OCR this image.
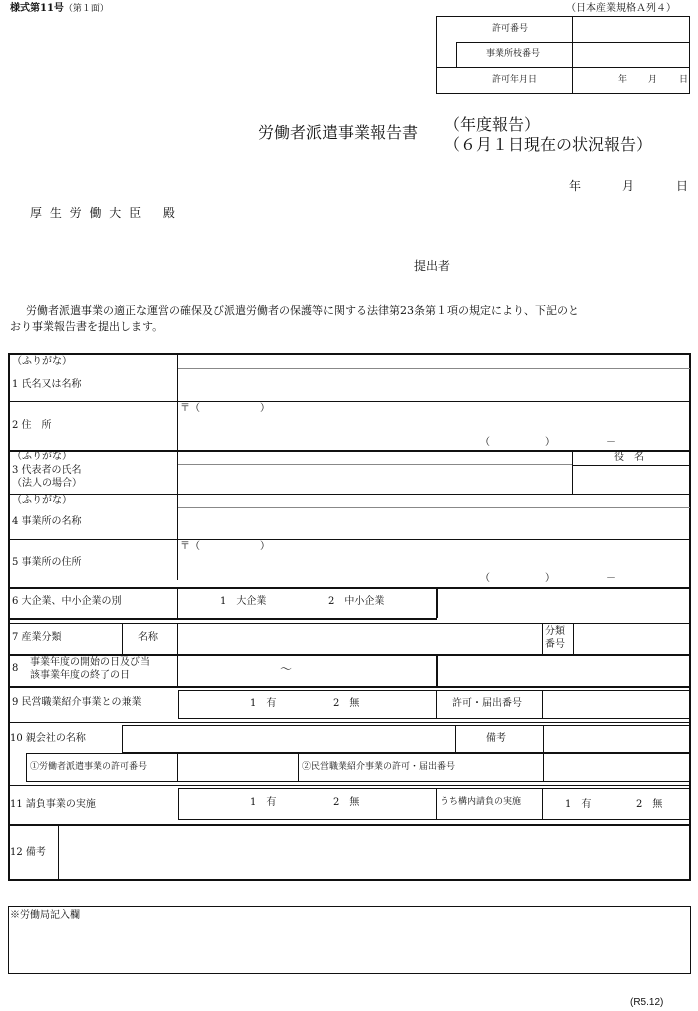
様式第11号（第１面）	（日本産業規格Ａ列４）
許可番号
事業所枝番号
許可年月日	年 月 日
労働者派遣事業報告書 （年度報告）
（６月１日現在の状況報告）
年	月	日
厚 生 労 働 大 臣　 殿
提出者
労働者派遣事業の適正な運営の確保及び派遣労働者の保護等に関する法律第23条第１項の規定により、下記のと
おり事業報告書を提出します。
（ふりがな）
1 氏名又は名称
2 住　所
〒（　　　　　　）
（	）	－
（ふりがな）
3 代表者の氏名
（法人の場合）
役　名
（ふりがな）
4 事業所の名称
5 事業所の住所
〒（　　　　　　）
（	）	－
6 大企業、中小企業の別	1　大企業	2　中小企業
7 産業分類	名称
分類
番号
8
事業年度の開始の日及び当
該事業年度の終了の日	～
9 民営職業紹介事業との兼業	1　有	2　無	許可・届出番号
10 親会社の名称	備考
①労働者派遣事業の許可番号	②民営職業紹介事業の許可・届出番号
11 請負事業の実施	1　有	2　無	うち構内請負の実施	1　有	2　無
12 備考
※労働局記入欄
(R5.12)
